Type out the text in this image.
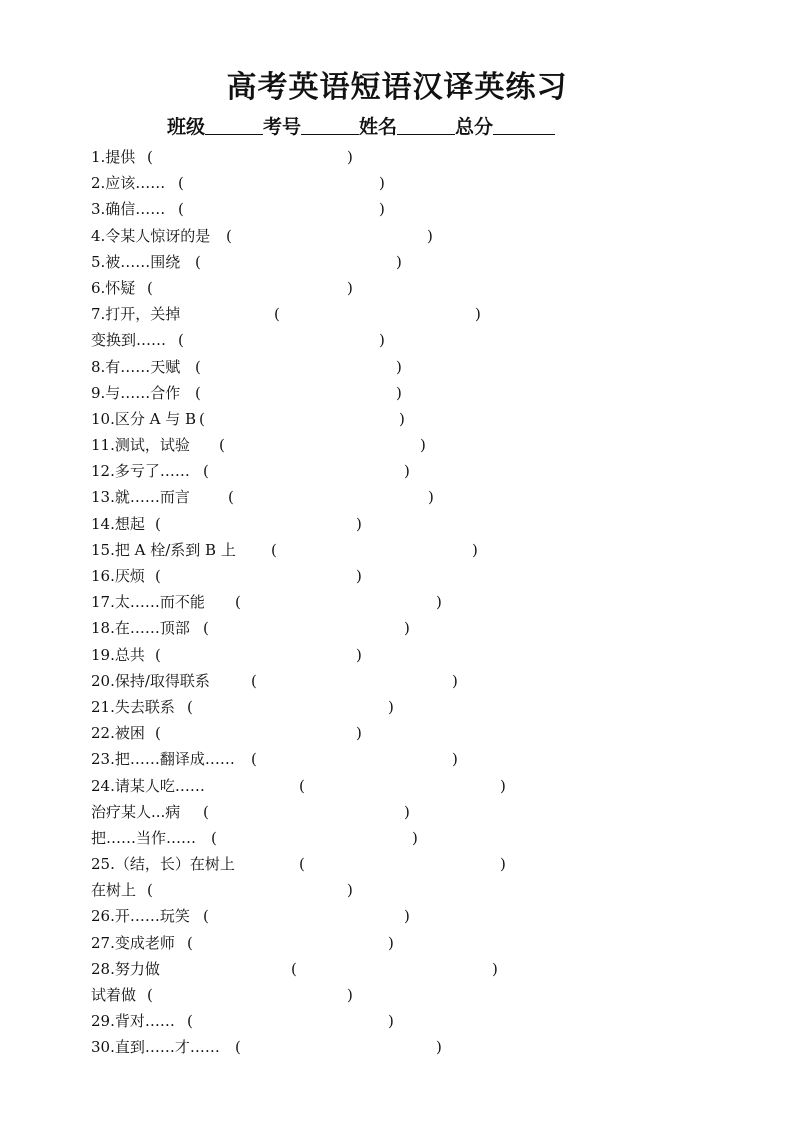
高考英语短语汉译英练习
班级	考号	姓名	总分
1.提供 (	)
2.应该…… (	)
3.确信…… (	)
4.令某人惊讶的是 (	)
5.被……围绕 (	)
6.怀疑 (	)
7.打开，关掉	(	)
变换到…… (	)
8.有……天赋 (	)
9.与……合作 (	)
10.区分 A 与 B (	)
11.测试，试验 (	)
12.多亏了…… (	)
13.就……而言	(	)
14.想起 (	)
15.把 A 栓/系到 B 上 (	)
16.厌烦 (	)
17.太……而不能 (	)
18.在……顶部 (	)
19.总共 (	)
20.保持/取得联系	(	)
21.失去联系 (	)
22.被困 (	)
23.把……翻译成…… (	)
24.请某人吃……	(	)
治疗某人...病 (	)
把……当作…… (	)
25.（结，长）在树上	(	)
在树上 (	)
26.开……玩笑 (	)
27.变成老师 (	)
28.努力做	(	)
试着做 (	)
29.背对…… (	)
30.直到……才…… (	)
